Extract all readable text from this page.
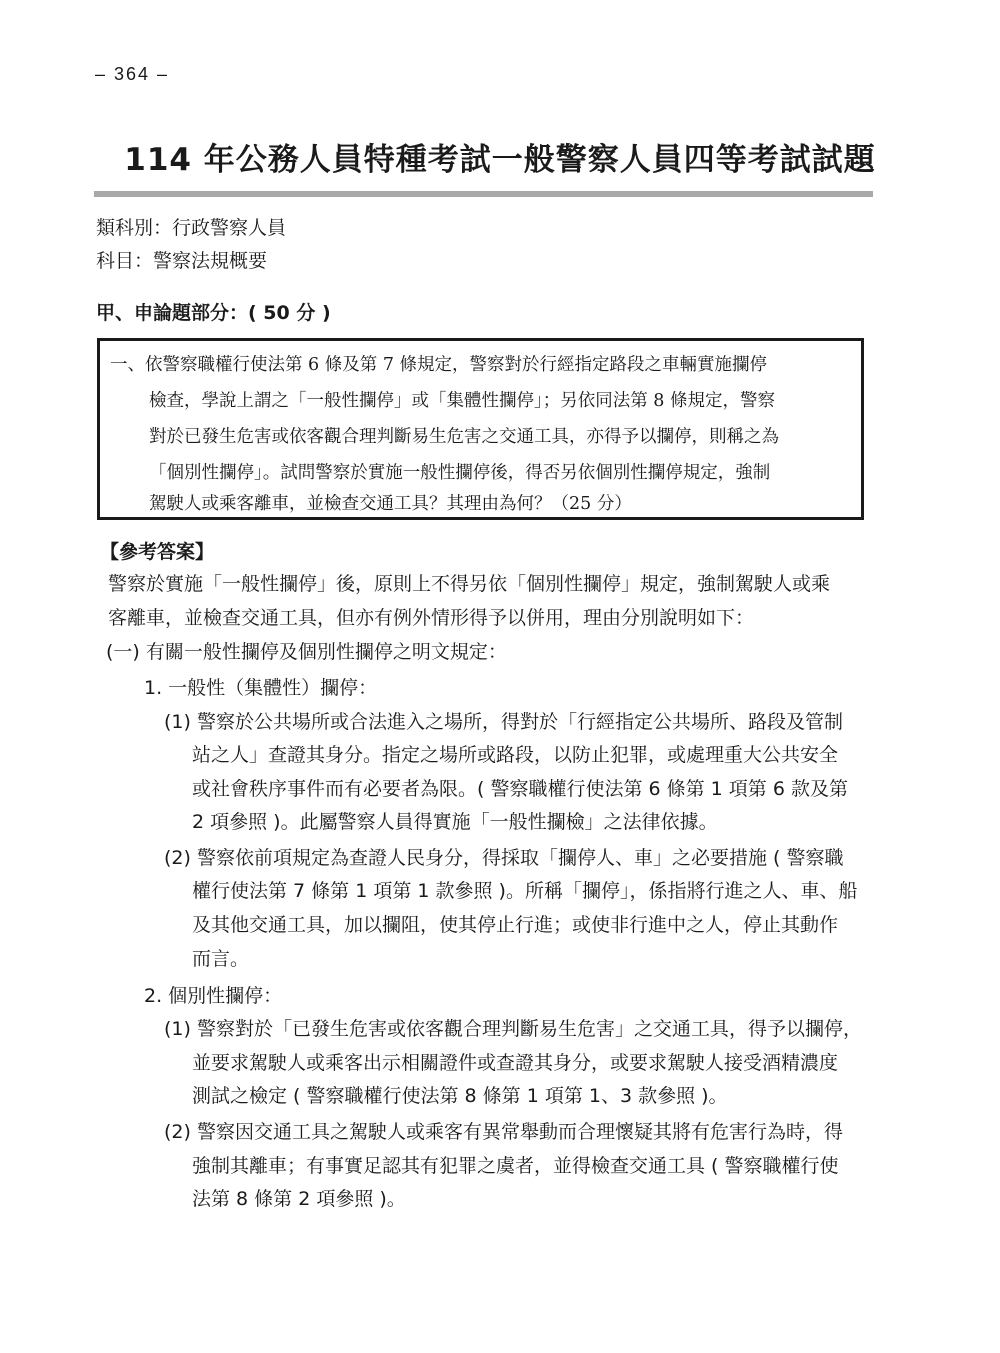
– 364 –
114 年公務人員特種考試一般警察人員四等考試試題
類科別：行政警察人員
科目：警察法規概要
甲、申論題部分：( 50 分 )
一、依警察職權行使法第 6 條及第 7 條規定，警察對於行經指定路段之車輛實施攔停
檢查，學說上謂之「一般性攔停」或「集體性攔停」；另依同法第 8 條規定，警察
對於已發生危害或依客觀合理判斷易生危害之交通工具，亦得予以攔停，則稱之為
「個別性攔停」。試問警察於實施一般性攔停後，得否另依個別性攔停規定，強制
駕駛人或乘客離車，並檢查交通工具？其理由為何？（25 分）
【參考答案】
警察於實施「一般性攔停」後，原則上不得另依「個別性攔停」規定，強制駕駛人或乘
客離車，並檢查交通工具，但亦有例外情形得予以併用，理由分別說明如下：
(一) 有關一般性攔停及個別性攔停之明文規定：
1. 一般性（集體性）攔停：
(1) 警察於公共場所或合法進入之場所，得對於「行經指定公共場所、路段及管制
站之人」查證其身分。指定之場所或路段，以防止犯罪，或處理重大公共安全
或社會秩序事件而有必要者為限。( 警察職權行使法第 6 條第 1 項第 6 款及第
2 項參照 )。此屬警察人員得實施「一般性攔檢」之法律依據。
(2) 警察依前項規定為查證人民身分，得採取「攔停人、車」之必要措施 ( 警察職
權行使法第 7 條第 1 項第 1 款參照 )。所稱「攔停」，係指將行進之人、車、船
及其他交通工具，加以攔阻，使其停止行進；或使非行進中之人，停止其動作
而言。
2. 個別性攔停：
(1) 警察對於「已發生危害或依客觀合理判斷易生危害」之交通工具，得予以攔停，
並要求駕駛人或乘客出示相關證件或查證其身分，或要求駕駛人接受酒精濃度
測試之檢定 ( 警察職權行使法第 8 條第 1 項第 1、3 款參照 )。
(2) 警察因交通工具之駕駛人或乘客有異常舉動而合理懷疑其將有危害行為時，得
強制其離車；有事實足認其有犯罪之虞者，並得檢查交通工具 ( 警察職權行使
法第 8 條第 2 項參照 )。
